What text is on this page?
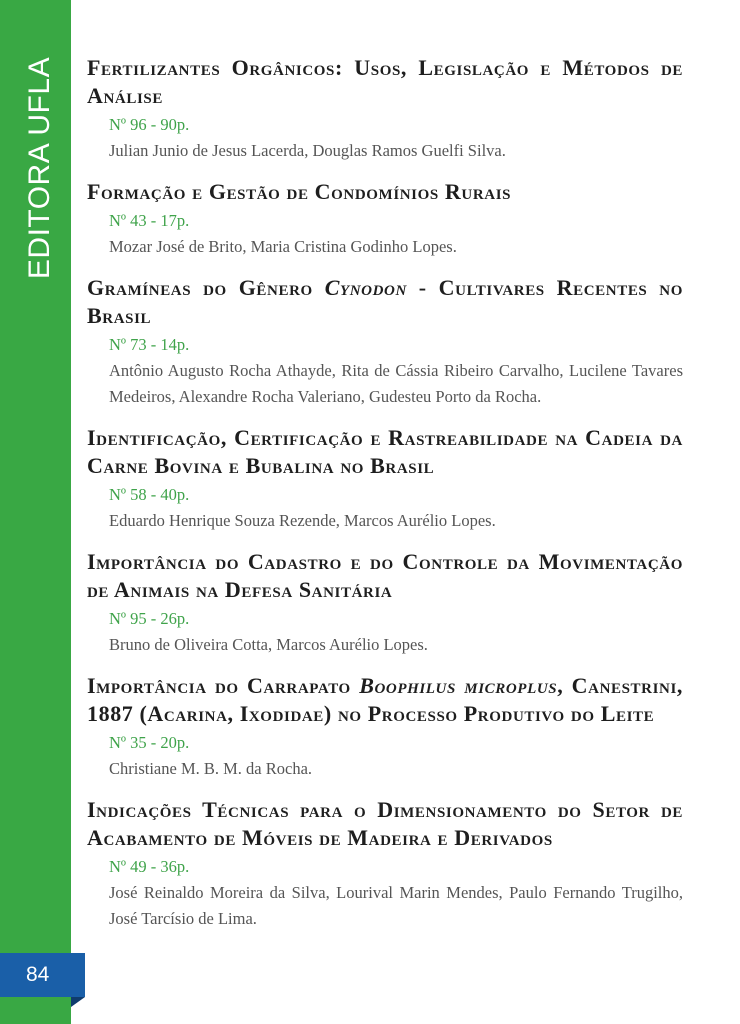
EDITORA UFLA
84
Fertilizantes Orgânicos: Usos, Legislação e Métodos de Análise
Nº 96 - 90p.
Julian Junio de Jesus Lacerda, Douglas Ramos Guelfi Silva.
Formação e Gestão de Condomínios Rurais
Nº 43 - 17p.
Mozar José de Brito, Maria Cristina Godinho Lopes.
Gramíneas do Gênero Cynodon - Cultivares Recentes no Brasil
Nº 73 - 14p.
Antônio Augusto Rocha Athayde, Rita de Cássia Ribeiro Carvalho, Lucilene Tavares Medeiros, Alexandre Rocha Valeriano, Gudesteu Porto da Rocha.
Identificação, Certificação e Rastreabilidade na Cadeia da Carne Bovina e Bubalina no Brasil
Nº 58 - 40p.
Eduardo Henrique Souza Rezende, Marcos Aurélio Lopes.
Importância do Cadastro e do Controle da Movimentação de Animais na Defesa Sanitária
Nº 95 - 26p.
Bruno de Oliveira Cotta, Marcos Aurélio Lopes.
Importância do Carrapato Boophilus microplus, Canestrini, 1887 (Acarina, Ixodidae) no Processo Produtivo do Leite
Nº 35 - 20p.
Christiane M. B. M. da Rocha.
Indicações Técnicas para o Dimensionamento do Setor de Acabamento de Móveis de Madeira e Derivados
Nº 49 - 36p.
José Reinaldo Moreira da Silva, Lourival Marin Mendes, Paulo Fernando Trugilho, José Tarcísio de Lima.
